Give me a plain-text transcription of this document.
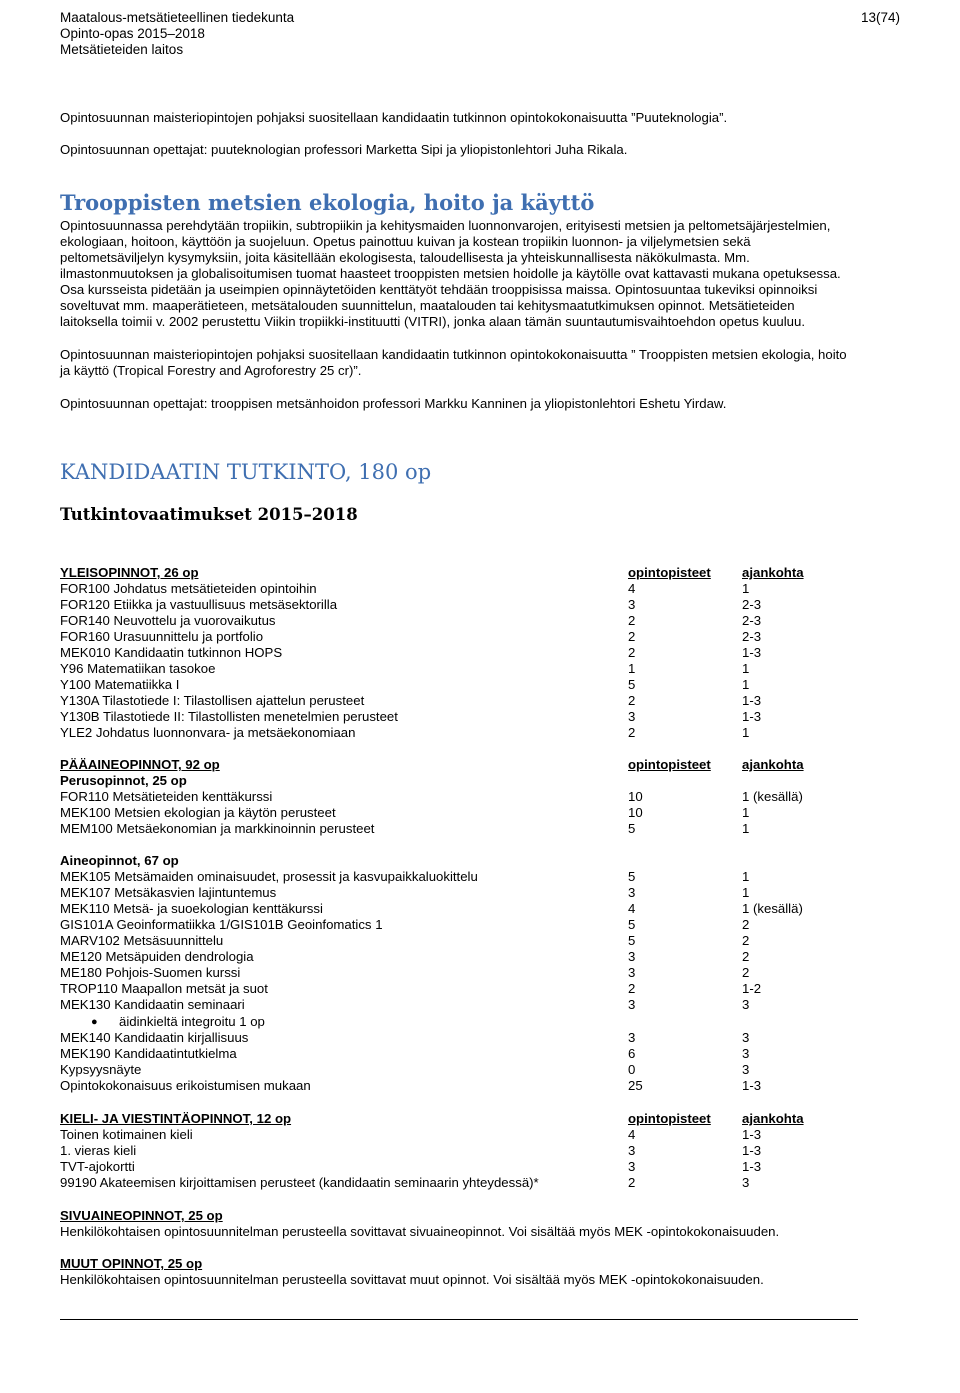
Maatalous-metsätieteellinen tiedekunta
Opinto-opas 2015–2018
Metsätieteiden laitos
13(74)
Opintosuunnan maisteriopintojen pohjaksi suositellaan kandidaatin tutkinnon opintokokonaisuutta ”Puuteknologia”.
Opintosuunnan opettajat: puuteknologian professori Marketta Sipi ja yliopistonlehtori Juha Rikala.
Trooppisten metsien ekologia, hoito ja käyttö
Opintosuunnassa perehdytään tropiikin, subtropiikin ja kehitysmaiden luonnonvarojen, erityisesti metsien ja peltometsäjärjestelmien,
ekologiaan, hoitoon, käyttöön ja suojeluun. Opetus painottuu kuivan ja kostean tropiikin luonnon- ja viljelymetsien sekä
peltometsäviljelyn kysymyksiin, joita käsitellään ekologisesta, taloudellisesta ja yhteiskunnallisesta näkökulmasta. Mm.
ilmastonmuutoksen ja globalisoitumisen tuomat haasteet trooppisten metsien hoidolle ja käytölle ovat kattavasti mukana opetuksessa.
Osa kursseista pidetään ja useimpien opinnäytetöiden kenttätyöt tehdään trooppisissa maissa. Opintosuuntaa tukeviksi opinnoiksi
soveltuvat mm. maaperätieteen, metsätalouden suunnittelun, maatalouden tai kehitysmaatutkimuksen opinnot. Metsätieteiden
laitoksella toimii v. 2002 perustettu Viikin tropiikki-instituutti (VITRI), jonka alaan tämän suuntautumisvaihtoehdon opetus kuuluu.
Opintosuunnan maisteriopintojen pohjaksi suositellaan kandidaatin tutkinnon opintokokonaisuutta ” Trooppisten metsien ekologia, hoito
ja käyttö (Tropical Forestry and Agroforestry 25 cr)”.
Opintosuunnan opettajat: trooppisen metsänhoidon professori Markku Kanninen ja yliopistonlehtori Eshetu Yirdaw.
KANDIDAATIN TUTKINTO, 180 op
Tutkintovaatimukset 2015–2018
YLEISOPINNOT, 26 op	opintopisteet ajankohta
FOR100 Johdatus metsätieteiden opintoihin	4	1
FOR120 Etiikka ja vastuullisuus metsäsektorilla	3	2-3
FOR140 Neuvottelu ja vuorovaikutus	2	2-3
FOR160 Urasuunnittelu ja portfolio	2	2-3
MEK010 Kandidaatin tutkinnon HOPS	2	1-3
Y96 Matematiikan tasokoe	1	1
Y100 Matematiikka I	5	1
Y130A Tilastotiede I: Tilastollisen ajattelun perusteet	2	1-3
Y130B Tilastotiede II: Tilastollisten menetelmien perusteet	3	1-3
YLE2 Johdatus luonnonvara- ja metsäekonomiaan	2	1
PÄÄAINEOPINNOT, 92 op	opintopisteet ajankohta
Perusopinnot, 25 op
FOR110 Metsätieteiden kenttäkurssi	10	1 (kesällä)
MEK100 Metsien ekologian ja käytön perusteet	10	1
MEM100 Metsäekonomian ja markkinoinnin perusteet	5	1
Aineopinnot, 67 op
MEK105 Metsämaiden ominaisuudet, prosessit ja kasvupaikkaluokittelu	5	1
MEK107 Metsäkasvien lajintuntemus	3	1
MEK110 Metsä- ja suoekologian kenttäkurssi	4	1 (kesällä)
GIS101A Geoinformatiikka 1/GIS101B Geoinfomatics 1	5	2
MARV102 Metsäsuunnittelu	5	2
ME120 Metsäpuiden dendrologia	3	2
ME180 Pohjois-Suomen kurssi	3	2
TROP110 Maapallon metsät ja suot	2	1-2
MEK130 Kandidaatin seminaari	3	3
● äidinkieltä integroitu 1 op
MEK140 Kandidaatin kirjallisuus	3	3
MEK190 Kandidaatintutkielma	6	3
Kypsyysnäyte	0	3
Opintokokonaisuus erikoistumisen mukaan	25	1-3
KIELI- JA VIESTINTÄOPINNOT, 12 op	opintopisteet ajankohta
Toinen kotimainen kieli	4	1-3
1. vieras kieli	3	1-3
TVT-ajokortti	3	1-3
99190 Akateemisen kirjoittamisen perusteet (kandidaatin seminaarin yhteydessä)*	2	3
SIVUAINEOPINNOT, 25 op
Henkilökohtaisen opintosuunnitelman perusteella sovittavat sivuaineopinnot. Voi sisältää myös MEK -opintokokonaisuuden.
MUUT OPINNOT, 25 op
Henkilökohtaisen opintosuunnitelman perusteella sovittavat muut opinnot. Voi sisältää myös MEK -opintokokonaisuuden.
